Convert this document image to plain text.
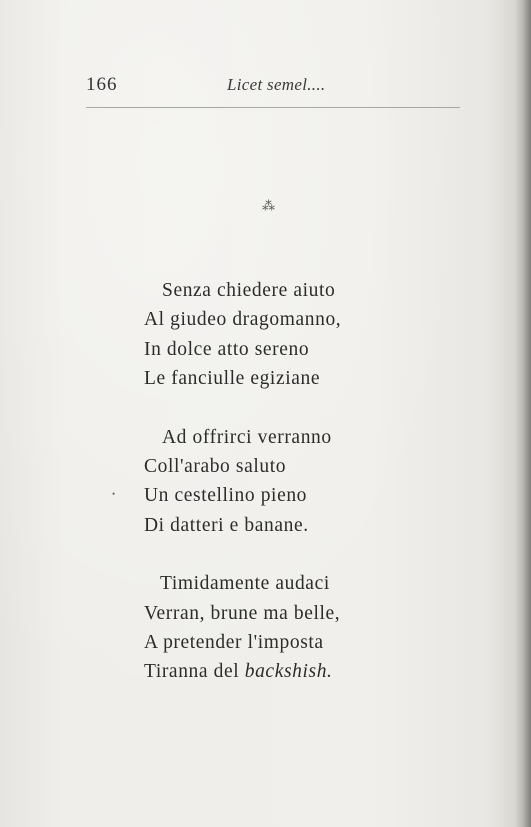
166	Licet semel....
⁂
Senza chiedere aiuto
Al giudeo dragomanno,
In dolce atto sereno
Le fanciulle egiziane
Ad offrirci verranno
Coll'arabo saluto
Un cestellino pieno
Di datteri e banane.
Timidamente audaci
Verran, brune ma belle,
A pretender l'imposta
Tiranna del backshish.
•
